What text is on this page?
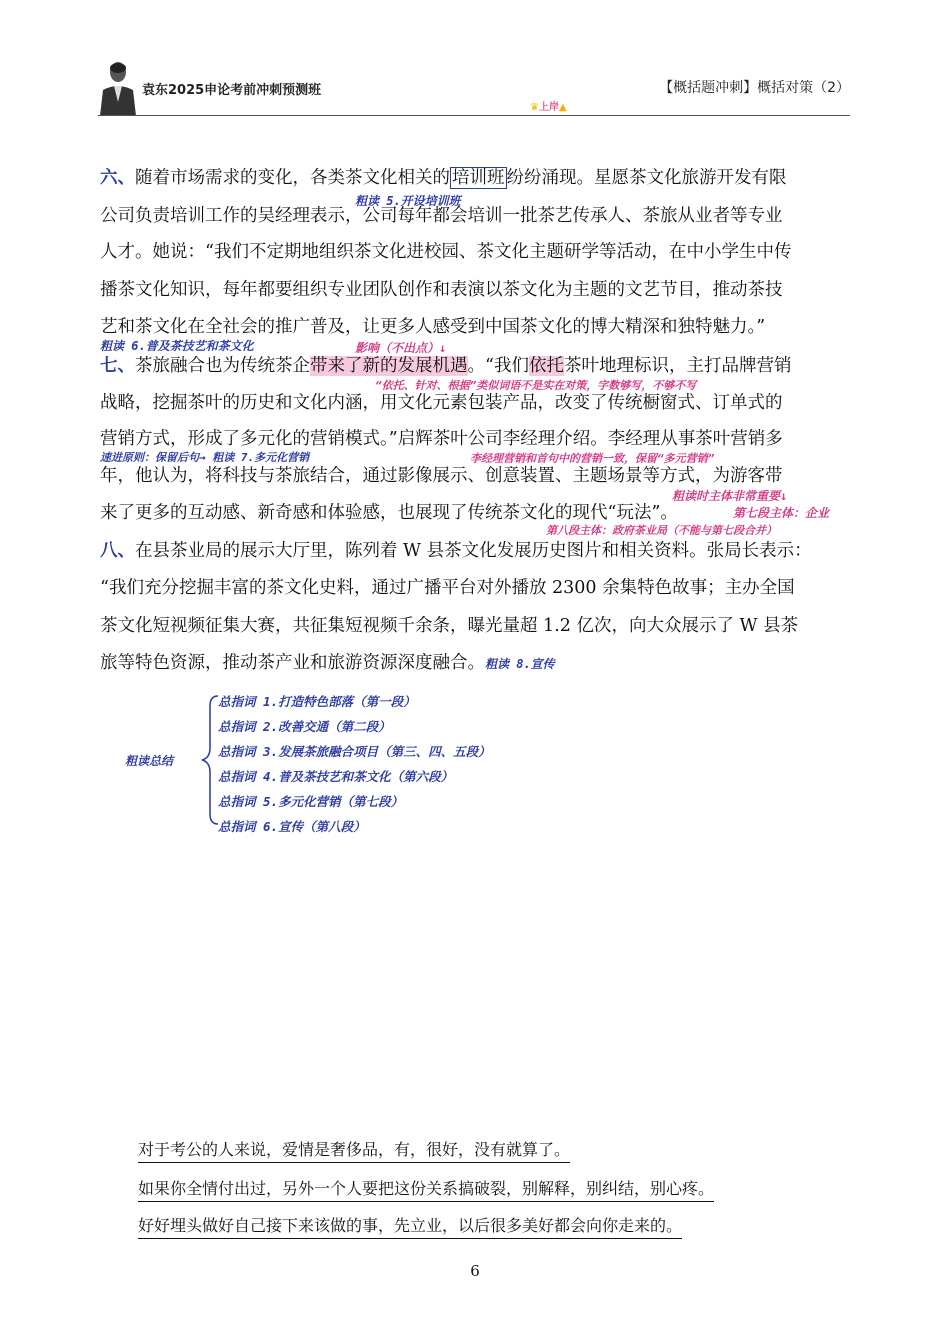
袁东2025申论考前冲刺预测班	【概括题冲刺】概括对策（2）
♛上岸▲
六、随着市场需求的变化，各类茶文化相关的 培训班 纷纷涌现。星愿茶文化旅游开发有限
粗读 5.开设培训班
公司负责培训工作的吴经理表示，公司每年都会培训一批茶艺传承人、茶旅从业者等专业
人才。她说：“我们不定期地组织茶文化进校园、茶文化主题研学等活动，在中小学生中传
播茶文化知识，每年都要组织专业团队创作和表演以茶文化为主题的文艺节目，推动茶技
艺和茶文化在全社会的推广普及，让更多人感受到中国茶文化的博大精深和独特魅力。”
粗读 6.普及茶技艺和茶文化	影响（不出点）↓
七、茶旅融合也为传统茶企带来了新的发展机遇。“我们依托茶叶地理标识，主打品牌营销
“依托、针对、根据”类似词语不是实在对策，字数够写，不够不写
战略，挖掘茶叶的历史和文化内涵，用文化元素包装产品，改变了传统橱窗式、订单式的
营销方式，形成了多元化的营销模式。”启辉茶叶公司李经理介绍。李经理从事茶叶营销多
速进原则：保留后句→ 粗读 7.多元化营销	李经理营销和首句中的营销一致，保留“多元营销”
年，他认为，将科技与茶旅结合，通过影像展示、创意装置、主题场景等方式，为游客带
粗读时主体非常重要↓
来了更多的互动感、新奇感和体验感，也展现了传统茶文化的现代“玩法”。	第七段主体：企业
第八段主体：政府茶业局（不能与第七段合并）
八、在县茶业局的展示大厅里，陈列着 W 县茶文化发展历史图片和相关资料。张局长表示：
“我们充分挖掘丰富的茶文化史料，通过广播平台对外播放 2300 余集特色故事；主办全国
茶文化短视频征集大赛，共征集短视频千余条，曝光量超 1.2 亿次，向大众展示了 W 县茶
旅等特色资源，推动茶产业和旅游资源深度融合。粗读 8.宣传
粗读总结
总指词 1.打造特色部落（第一段）
总指词 2.改善交通（第二段）
总指词 3.发展茶旅融合项目（第三、四、五段）
总指词 4.普及茶技艺和茶文化（第六段）
总指词 5.多元化营销（第七段）
总指词 6.宣传（第八段）
对于考公的人来说，爱情是奢侈品，有，很好，没有就算了。
如果你全情付出过，另外一个人要把这份关系搞破裂，别解释，别纠结，别心疼。
好好埋头做好自己接下来该做的事，先立业，以后很多美好都会向你走来的。
6
